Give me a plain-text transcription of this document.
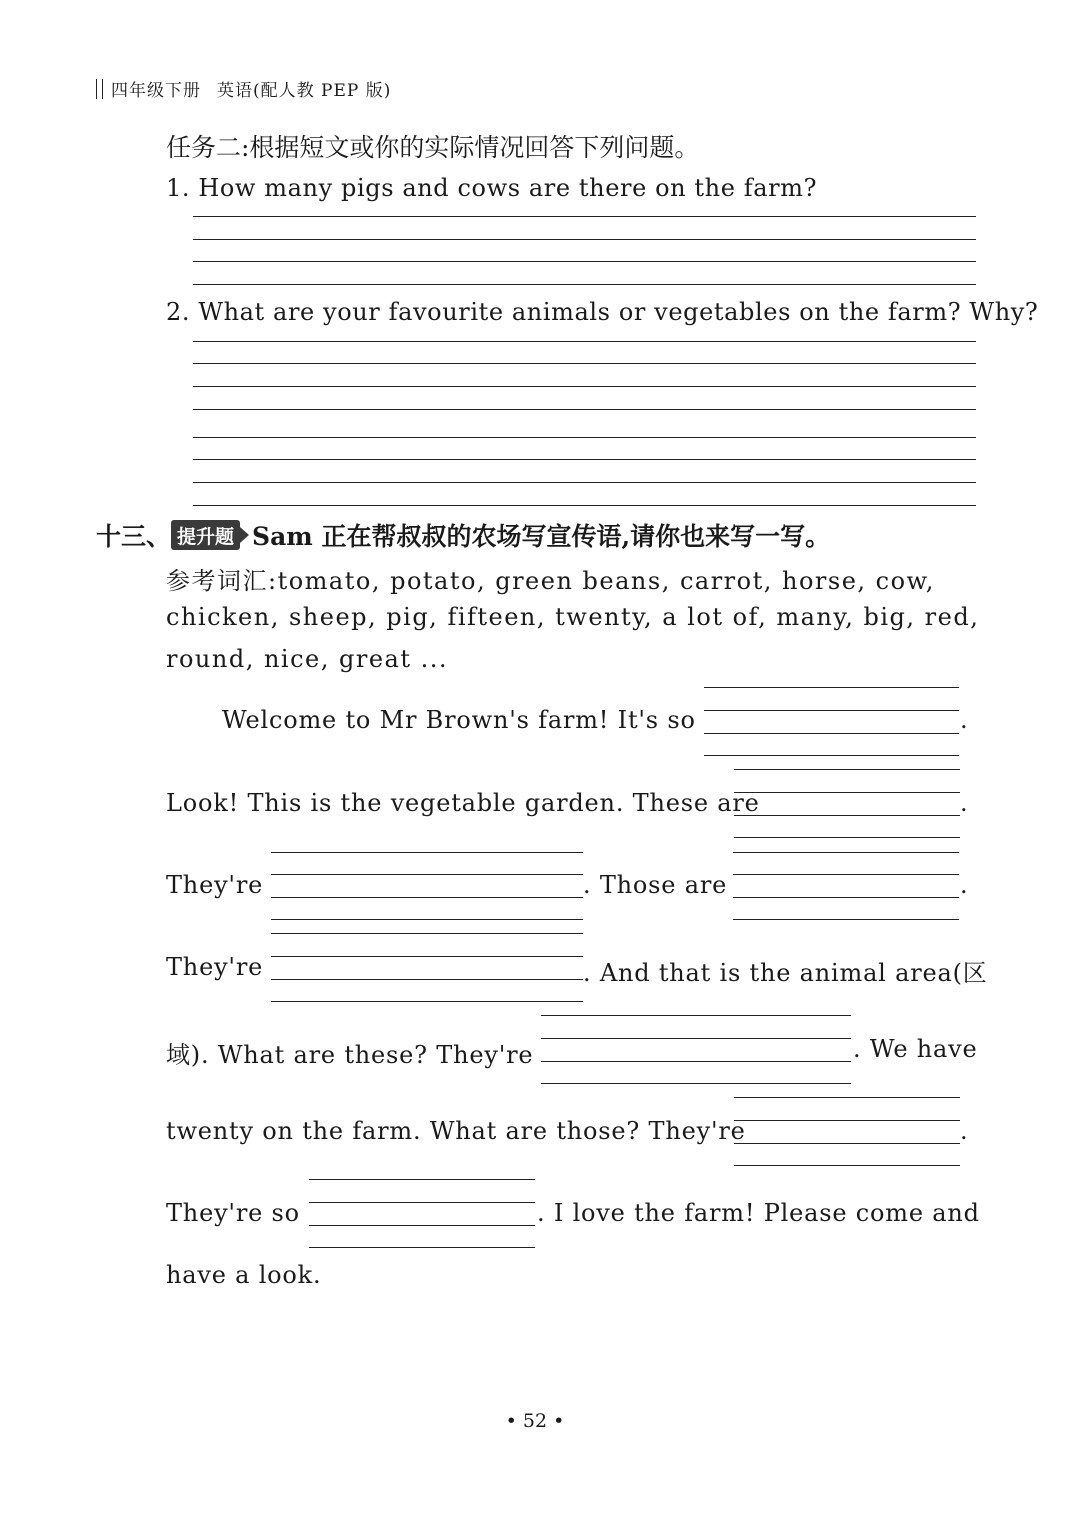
四年级下册 英语(配人教 PEP 版)
任务二:根据短文或你的实际情况回答下列问题。
1. How many pigs and cows are there on the farm?
2. What are your favourite animals or vegetables on the farm? Why?
十三、 提升题 Sam 正在帮叔叔的农场写宣传语,请你也来写一写。
参考词汇:tomato, potato, green beans, carrot, horse, cow,
chicken, sheep, pig, fifteen, twenty, a lot of, many, big, red,
round, nice, great ...
Welcome to Mr Brown's farm! It's so	.
Look! This is the vegetable garden. These are	.
They're	. Those are	.
They're	. And that is the animal area(区
域). What are these? They're	. We have
twenty on the farm. What are those? They're	.
They're so	. I love the farm! Please come and
have a look.
• 52 •
